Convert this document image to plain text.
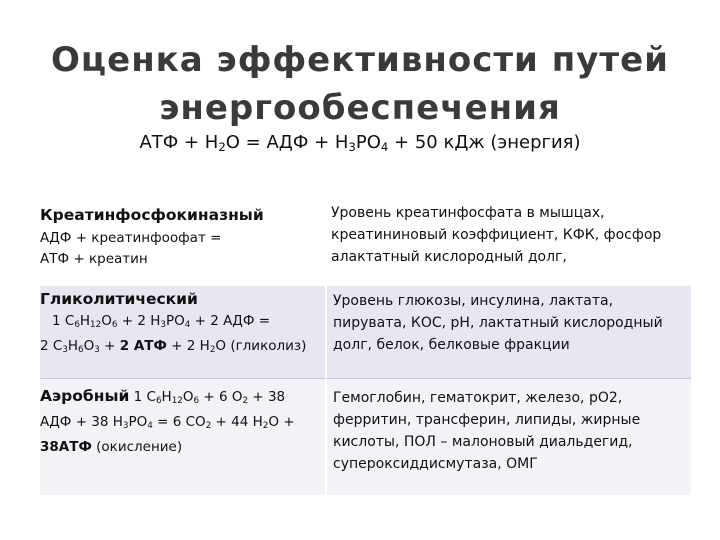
Оценка эффективности путей
энергообеспечения
АТФ + $Н_2О$ = АДФ + $Н_3РО_4 + 50$ кДж (энергия)
Креатинфосфокиназный
АДФ + креатинфоофат =
АТФ + креатин
Уровень креатинфосфата в мышцах,
креатининовый коэффициент, КФК, фосфор
алактатный кислородный долг,
Гликолитический
1 $С_6Н_{12}О_6 + 2$ $Н_3РО_4 + 2$ АДФ =
2 $С_3Н_6О_3 + 2$ АТФ + 2 $Н_2О$ (гликолиз)
Уровень глюкозы, инсулина, лактата,
пирувата, КОС, рН, лактатный кислородный
долг, белок, белковые фракции
Аэробный 1 $С_6Н_{12}О_6 + 6$ $О_2 + 38$
АДФ + 38 $Н_3РО_4 = 6$ $СО_2 + 44$ $Н_2О$ +
38АТФ (окисление)
Гемоглобин, гематокрит, железо, рО2,
ферритин, трансферин, липиды, жирные
кислоты, ПОЛ – малоновый диальдегид,
супероксиддисмутаза, ОМГ
